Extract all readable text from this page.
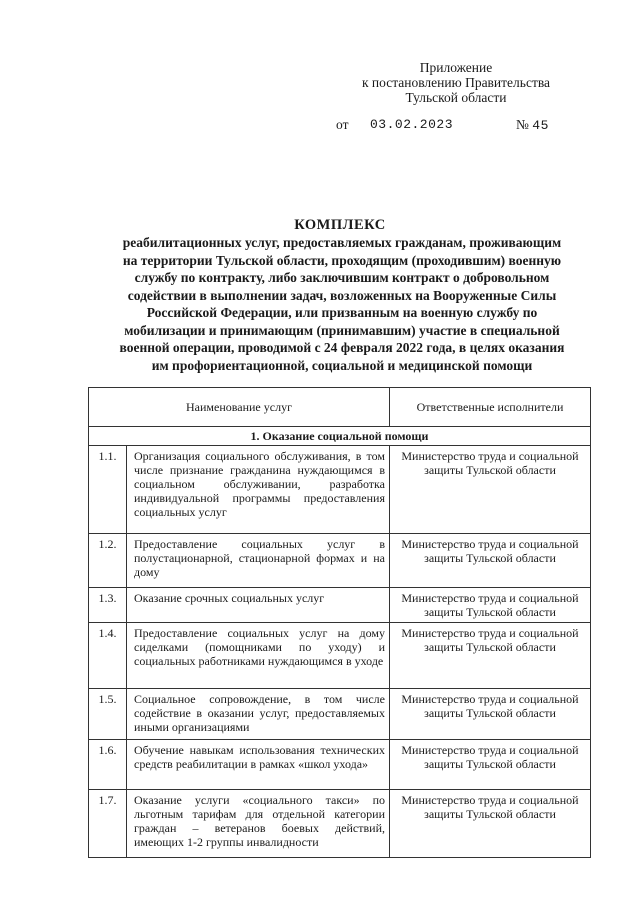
Приложение
к постановлению Правительства
Тульской области
от 03.02.2023	№ 45
КОМПЛЕКС
реабилитационных услуг, предоставляемых гражданам, проживающим
на территории Тульской области, проходящим (проходившим) военную
службу по контракту, либо заключившим контракт о добровольном
содействии в выполнении задач, возложенных на Вооруженные Силы
Российской Федерации, или призванным на военную службу по
мобилизации и принимающим (принимавшим) участие в специальной
военной операции, проводимой с 24 февраля 2022 года, в целях оказания
им профориентационной, социальной и медицинской помощи
Наименование услуг		Ответственные исполнители
1. Оказание социальной помощи		
1.1.	Организация социального обслуживания, в том числе признание гражданина нуждающимся в социальном обслуживании, разработка индивидуальной программы предоставления социальных услуг	Министерство труда и социальной защиты Тульской области
1.2.	Предоставление социальных услуг в полустационарной, стационарной формах и на дому	Министерство труда и социальной защиты Тульской области
1.3.	Оказание срочных социальных услуг	Министерство труда и социальной защиты Тульской области
1.4.	Предоставление социальных услуг на дому сиделками (помощниками по уходу) и социальных работниками нуждающимся в уходе	Министерство труда и социальной защиты Тульской области
1.5.	Социальное сопровождение, в том числе содействие в оказании услуг, предоставляемых иными организациями	Министерство труда и социальной защиты Тульской области
1.6.	Обучение навыкам использования технических средств реабилитации в рамках «школ ухода»	Министерство труда и социальной защиты Тульской области
1.7.	Оказание услуги «социального такси» по льготным тарифам для отдельной категории граждан – ветеранов боевых действий, имеющих 1-2 группы инвалидности	Министерство труда и социальной защиты Тульской области
